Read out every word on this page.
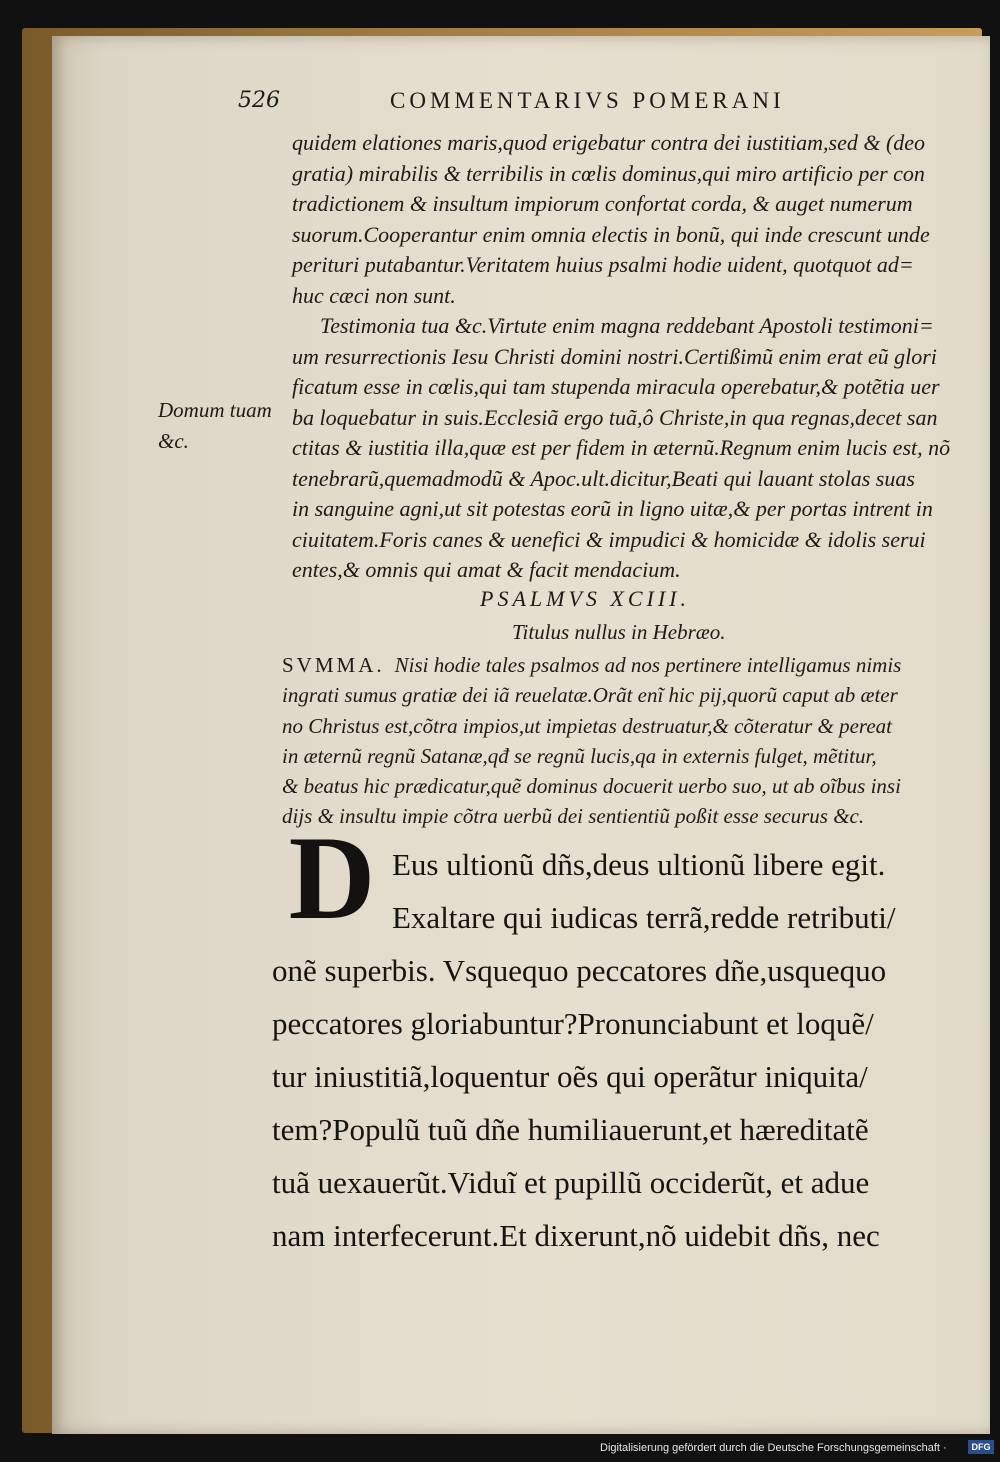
526	COMMENTARIVS POMERANI
quidem elationes maris,quod erigebatur contra dei iustitiam,sed & (deo
gratia) mirabilis & terribilis in cœlis dominus,qui miro artificio per con
tradictionem & insultum impiorum confortat corda, & auget numerum
suorum.Cooperantur enim omnia electis in bonũ, qui inde crescunt unde
perituri putabantur.Veritatem huius psalmi hodie uident, quotquot ad=
huc cæci non sunt.
Testimonia tua &c.Virtute enim magna reddebant Apostoli testimoni=
um resurrectionis Iesu Christi domini nostri.Certißimũ enim erat eũ glori
ficatum esse in cœlis,qui tam stupenda miracula operebatur,& potẽtia uer
ba loquebatur in suis.Ecclesiã ergo tuã,ô Christe,in qua regnas,decet san
ctitas & iustitia illa,quæ est per fidem in æternũ.Regnum enim lucis est, nõ
tenebrarũ,quemadmodũ & Apoc.ult.dicitur,Beati qui lauant stolas suas
in sanguine agni,ut sit potestas eorũ in ligno uitæ,& per portas intrent in
ciuitatem.Foris canes & uenefici & impudici & homicidæ & idolis serui
entes,& omnis qui amat & facit mendacium.
Domum tuam
&c.
PSALMVS XCIII.
Titulus nullus in Hebræo.
SVMMA. Nisi hodie tales psalmos ad nos pertinere intelligamus nimis
ingrati sumus gratiæ dei iã reuelatæ.Orãt enĩ hic pij,quorũ caput ab æter
no Christus est,cõtra impios,ut impietas destruatur,& cõteratur & pereat
in æternũ regnũ Satanæ,qđ se regnũ lucis,qa in externis fulget, mẽtitur,
& beatus hic prædicatur,quẽ dominus docuerit uerbo suo, ut ab oĩbus insi
dijs & insultu impie cõtra uerbũ dei sentientiũ poßit esse securus &c.
D Eus ultionũ dñs,deus ultionũ libere egit.
Exaltare qui iudicas terrã,redde retributi/
onẽ superbis. Vsquequo peccatores dñe,usquequo
peccatores gloriabuntur?Pronunciabunt et loquẽ/
tur iniustitiã,loquentur oẽs qui operãtur iniquita/
tem?Populũ tuũ dñe humiliauerunt,et hæreditatẽ
tuã uexauerũt.Viduĩ et pupillũ occiderũt, et adue
nam interfecerunt.Et dixerunt,nõ uidebit dñs, nec
Digitalisierung gefördert durch die Deutsche Forschungsgemeinschaft ·	DFG
